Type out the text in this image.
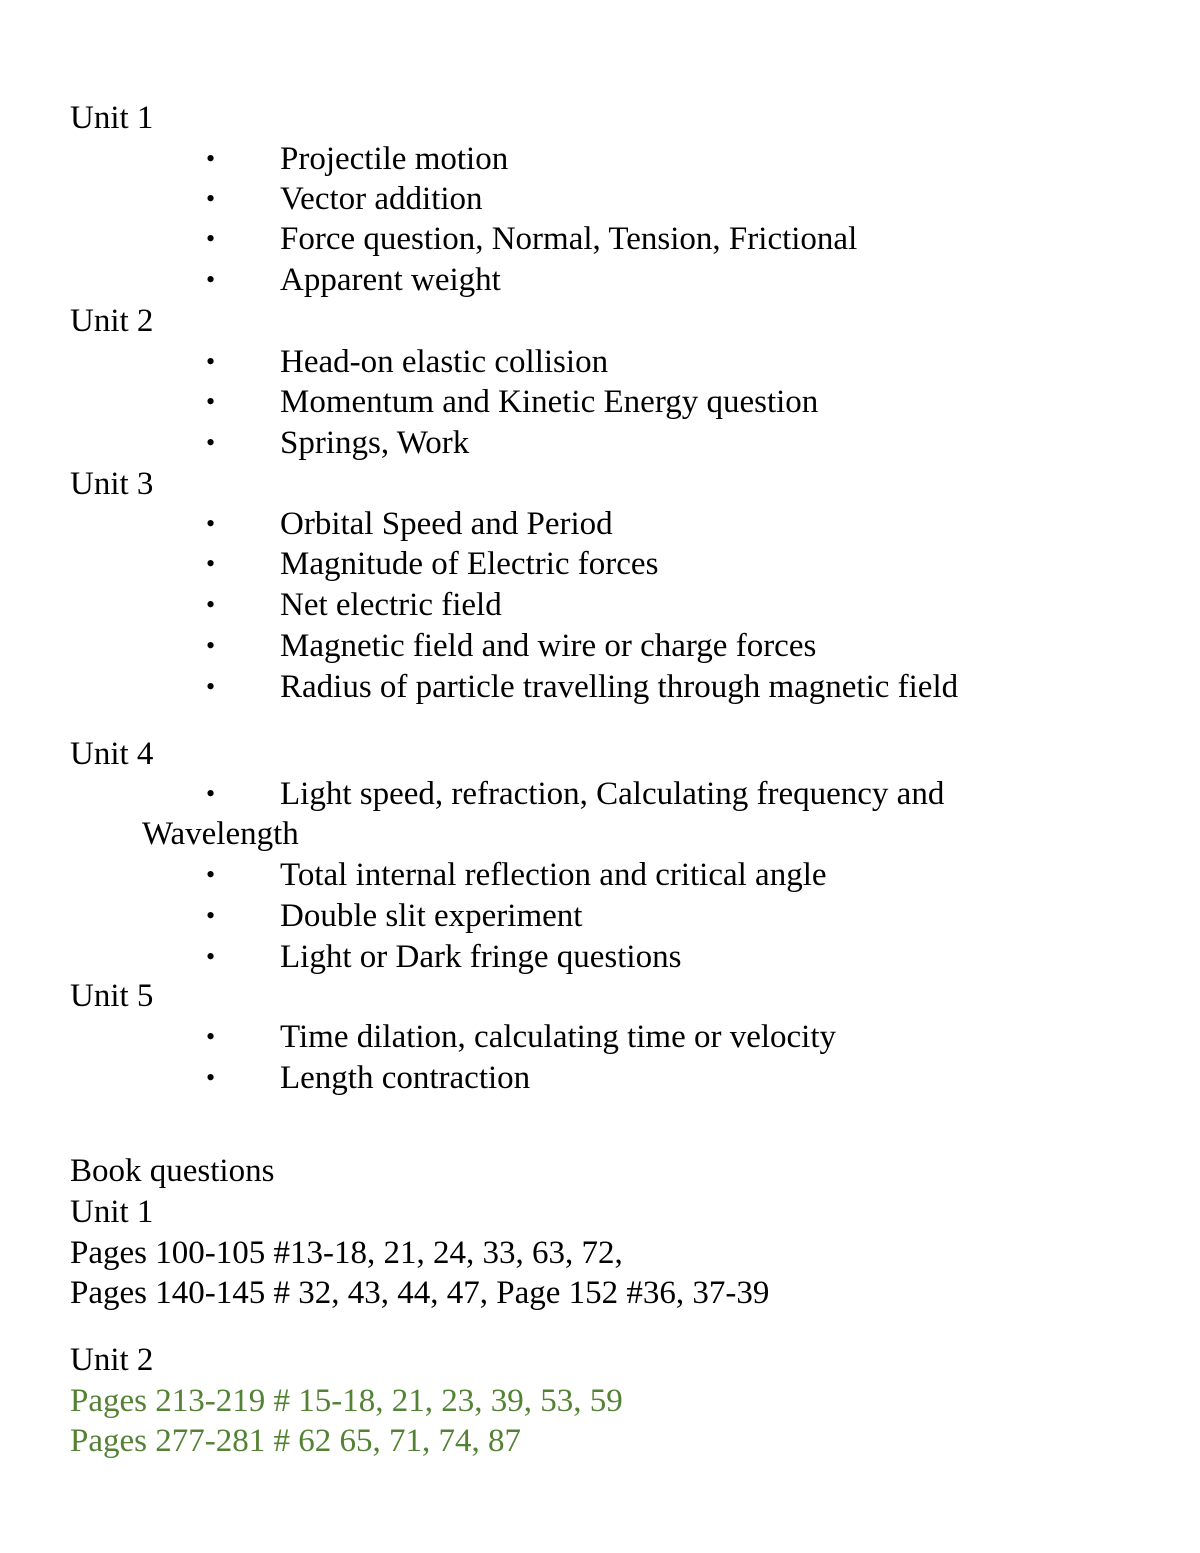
Unit 1
• Projectile motion
• Vector addition
• Force question, Normal, Tension, Frictional
• Apparent weight
Unit 2
• Head-on elastic collision
• Momentum and Kinetic Energy question
• Springs, Work
Unit 3
• Orbital Speed and Period
• Magnitude of Electric forces
• Net electric field
• Magnetic field and wire or charge forces
• Radius of particle travelling through magnetic field
Unit 4
• Light speed, refraction, Calculating frequency and
Wavelength
• Total internal reflection and critical angle
• Double slit experiment
• Light or Dark fringe questions
Unit 5
• Time dilation, calculating time or velocity
• Length contraction
Book questions
Unit 1
Pages 100-105 #13-18, 21, 24, 33, 63, 72,
Pages 140-145 # 32, 43, 44, 47, Page 152 #36, 37-39
Unit 2
Pages 213-219 # 15-18, 21, 23, 39, 53, 59
Pages 277-281 # 62 65, 71, 74, 87
